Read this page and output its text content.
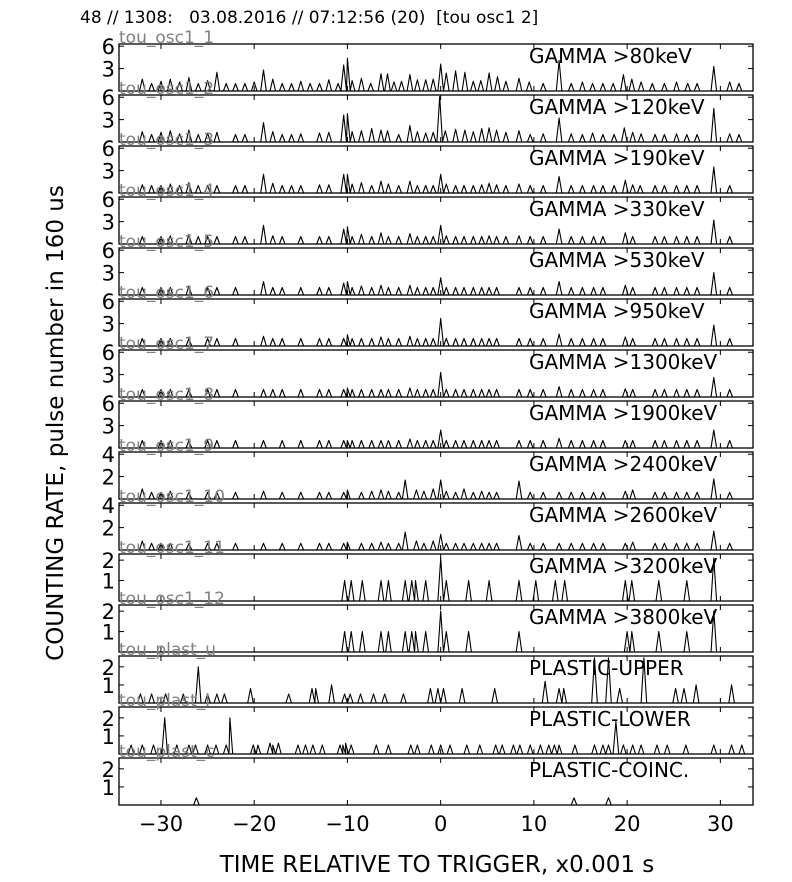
48 // 1308:   03.08.2016 // 07:12:56 (20)  [tou osc1 2]
3
6	GAMMA >80keV
tou_osc1_1
3
6	GAMMA >120keV
tou_osc1_2
3
6	GAMMA >190keV
tou_osc1_3
3
6	GAMMA >330keV
tou_osc1_4
3
6	GAMMA >530keV
tou_osc1_5
3
6	GAMMA >950keV
tou_osc1_6
3
6	GAMMA >1300keV
tou_osc1_7
3
6	GAMMA >1900keV
tou_osc1_8
2
4	GAMMA >2400keV
tou_osc1_9
2
4	GAMMA >2600keV
tou_osc1_10
1
2	GAMMA >3200keV
tou_osc1_11
1
2	GAMMA >3800keV
tou_osc1_12
1
2	PLASTIC-UPPER
tou_plast_u
1
2	PLASTIC-LOWER
tou_plast_l
1
2	PLASTIC-COINC.
tou_plast_c
−30 −20 −10	0	10	20	30
TIME RELATIVE TO TRIGGER, x0.001 s
COUNTING RATE, pulse number in 160 us
